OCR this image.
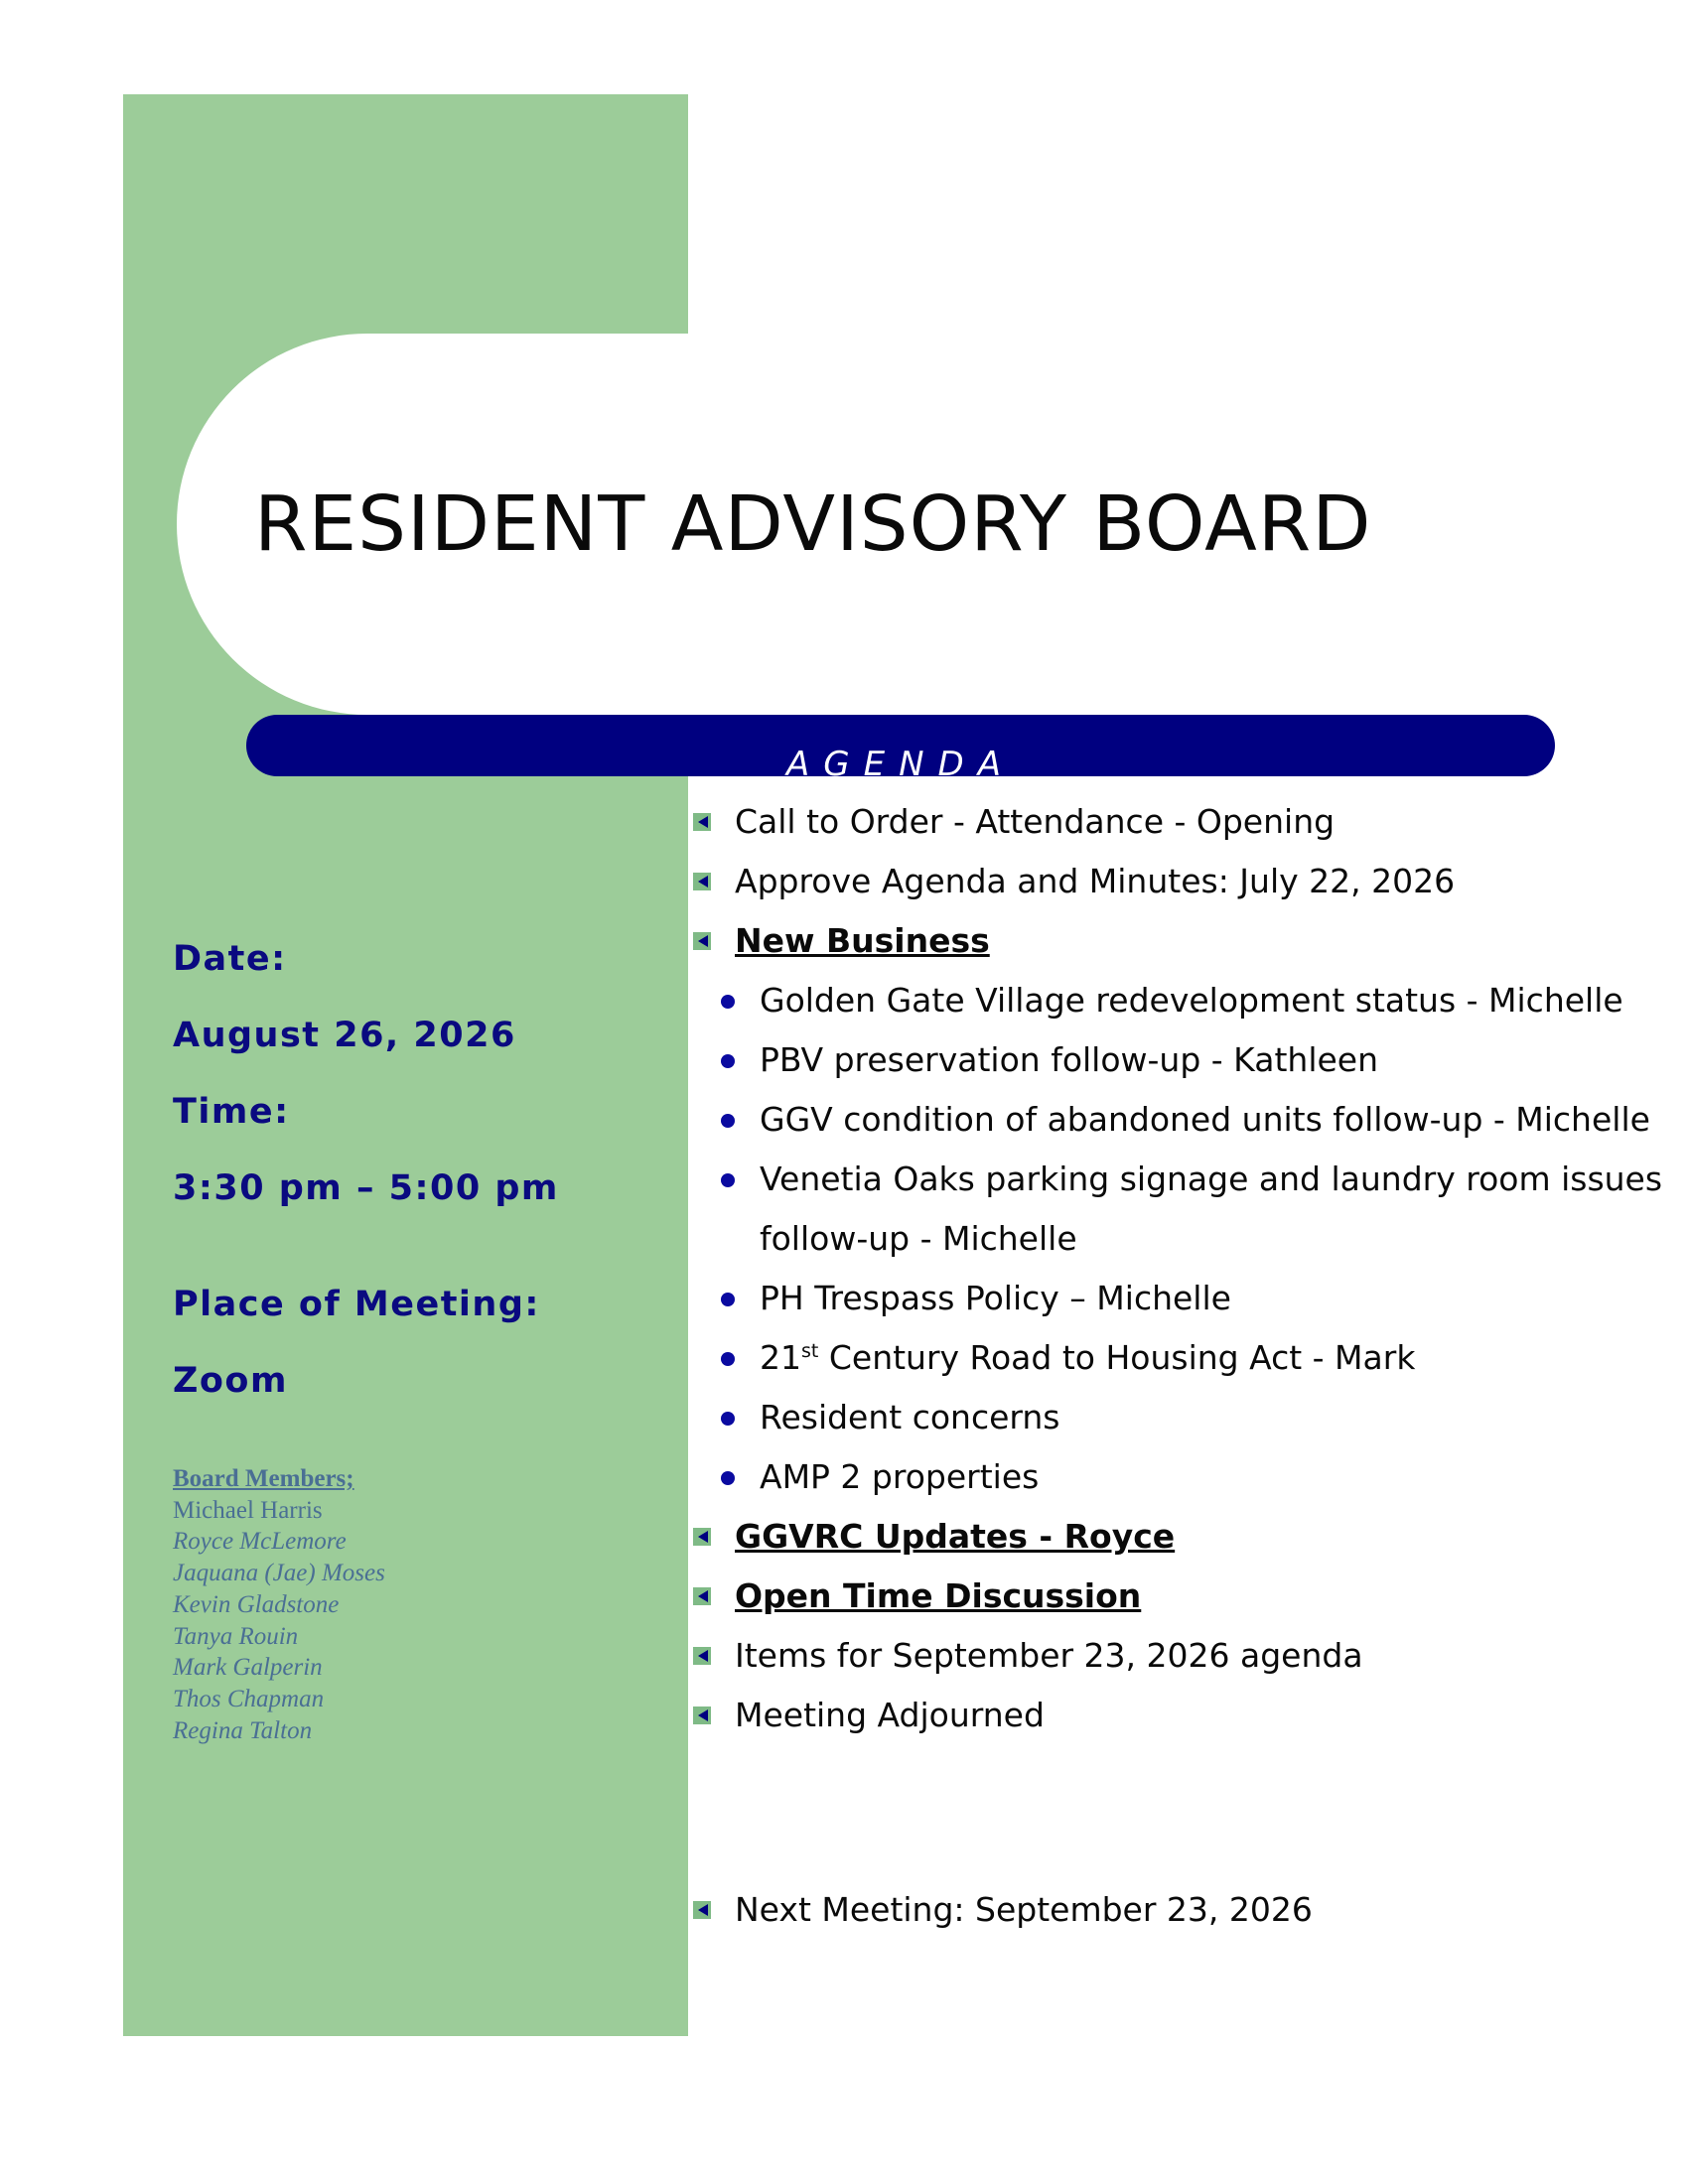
RESIDENT ADVISORY BOARD
AGENDA
Date:
August 26, 2026
Time:
3:30 pm – 5:00 pm
Place of Meeting:
Zoom
Board Members;
Michael Harris
Royce McLemore
Jaquana (Jae) Moses
Kevin Gladstone
Tanya Rouin
Mark Galperin
Thos Chapman
Regina Talton
Call to Order - Attendance - Opening
Approve Agenda and Minutes: July 22, 2026
New Business
Golden Gate Village redevelopment status - Michelle
PBV preservation follow-up - Kathleen
GGV condition of abandoned units follow-up - Michelle
Venetia Oaks parking signage and laundry room issues
follow-up - Michelle
PH Trespass Policy – Michelle
21st Century Road to Housing Act - Mark
Resident concerns
AMP 2 properties
GGVRC Updates - Royce
Open Time Discussion
Items for September 23, 2026 agenda
Meeting Adjourned
Next Meeting: September 23, 2026
